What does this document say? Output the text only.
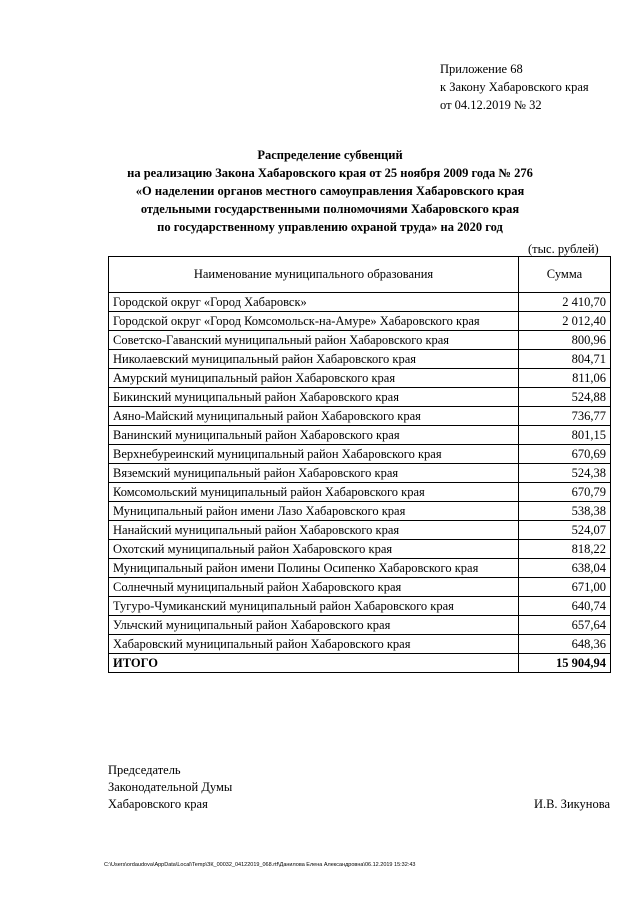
Приложение 68
к Закону Хабаровского края
от 04.12.2019 № 32
Распределение субвенций
на реализацию Закона Хабаровского края от 25 ноября 2009 года № 276
«О наделении органов местного самоуправления Хабаровского края
отдельными государственными полномочиями Хабаровского края
по государственному управлению охраной труда» на 2020 год
(тыс. рублей)
Наименование муниципального образования	Сумма
Городской округ «Город Хабаровск»	2 410,70
Городской округ «Город Комсомольск-на-Амуре» Хабаровского края	2 012,40
Советско-Гаванский муниципальный район Хабаровского края	800,96
Николаевский муниципальный район Хабаровского края	804,71
Амурский муниципальный район Хабаровского края	811,06
Бикинский муниципальный район Хабаровского края	524,88
Аяно-Майский муниципальный район Хабаровского края	736,77
Ванинский муниципальный район Хабаровского края	801,15
Верхнебуреинский муниципальный район Хабаровского края	670,69
Вяземский муниципальный район Хабаровского края	524,38
Комсомольский муниципальный район Хабаровского края	670,79
Муниципальный район имени Лазо Хабаровского края	538,38
Нанайский муниципальный район Хабаровского края	524,07
Охотский муниципальный район Хабаровского края	818,22
Муниципальный район имени Полины Осипенко Хабаровского края	638,04
Солнечный муниципальный район Хабаровского края	671,00
Тугуро-Чумиканский муниципальный район Хабаровского края	640,74
Ульчский муниципальный район Хабаровского края	657,64
Хабаровский муниципальный район Хабаровского края	648,36
ИТОГО	15 904,94
Председатель
Законодательной Думы
Хабаровского края	И.В. Зикунова
C:\Users\ordaudova\AppData\Local\Temp\ЗК_00032_04122019_068.rtf\Данилова Елена Александровна\06.12.2019 15:32:43
